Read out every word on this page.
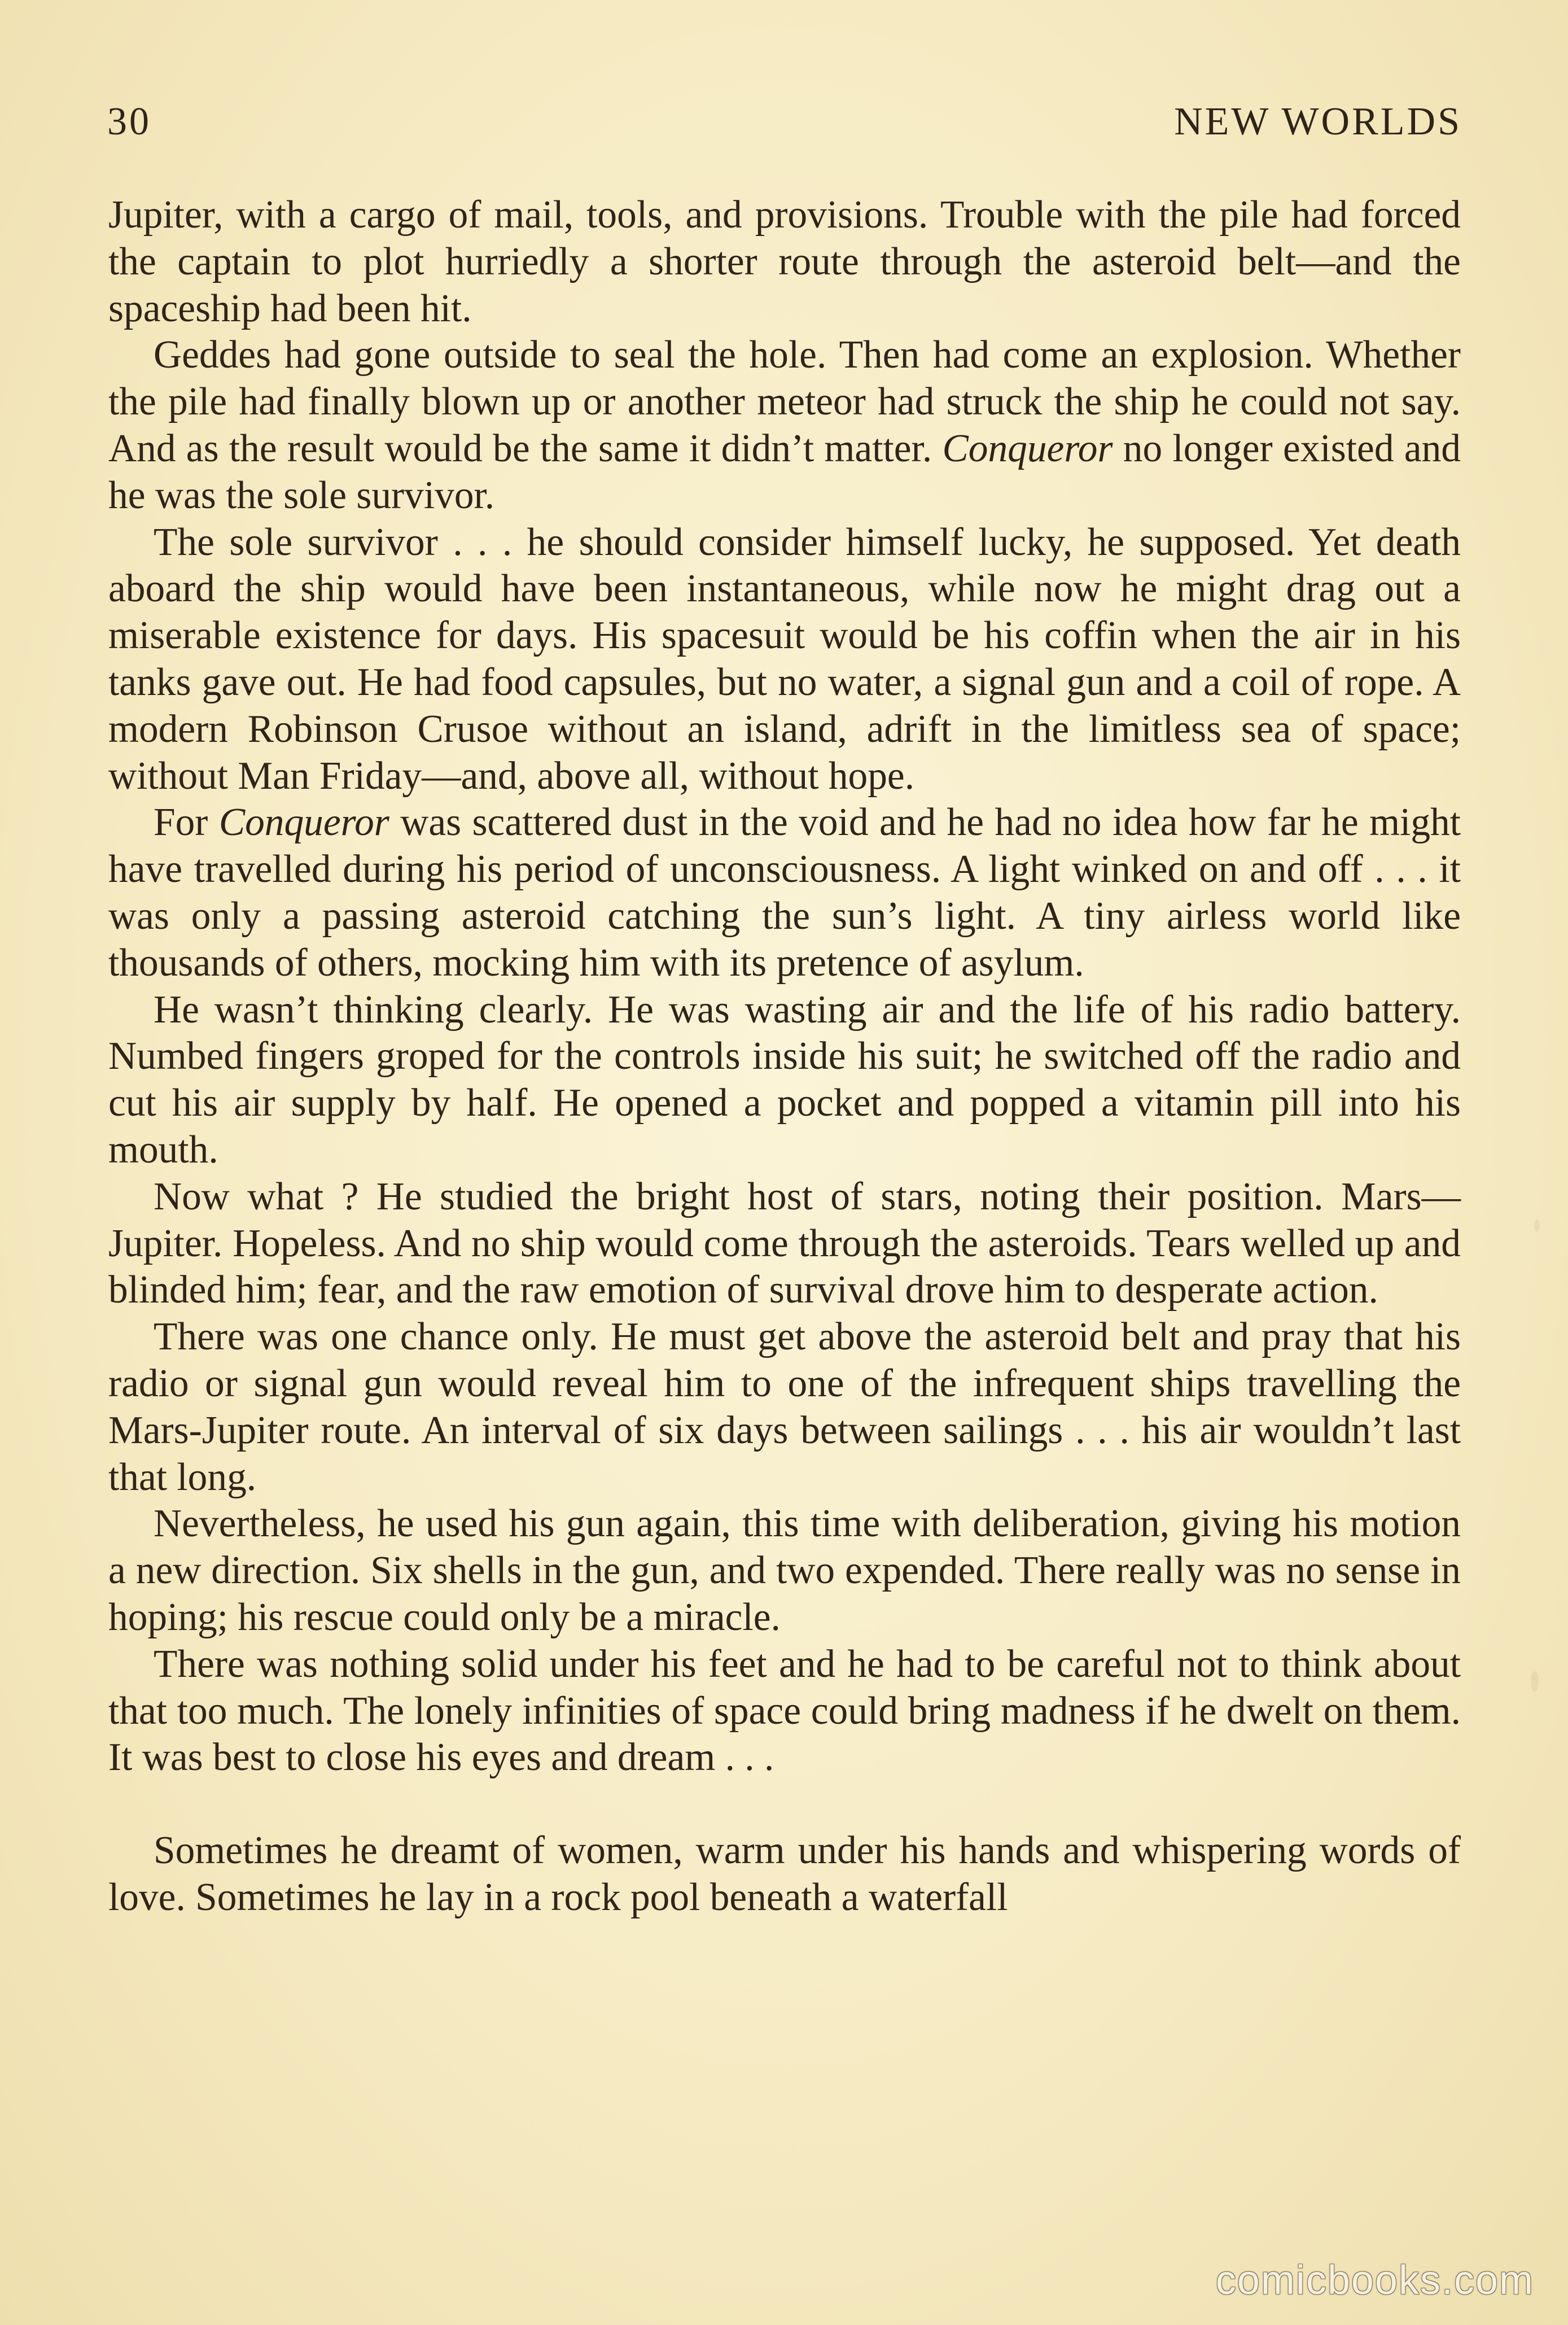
30	NEW WORLDS

Jupiter, with a cargo of mail, tools, and provisions. Trouble with the pile had forced the captain to plot hurriedly a shorter route through the asteroid belt—and the spaceship had been hit.

Geddes had gone outside to seal the hole. Then had come an explosion. Whether the pile had finally blown up or another meteor had struck the ship he could not say. And as the result would be the same it didn’t matter. Conqueror no longer existed and he was the sole survivor.

The sole survivor . . . he should consider himself lucky, he supposed. Yet death aboard the ship would have been instantaneous, while now he might drag out a miserable existence for days. His spacesuit would be his coffin when the air in his tanks gave out. He had food capsules, but no water, a signal gun and a coil of rope. A modern Robinson Crusoe without an island, adrift in the limitless sea of space; without Man Friday—and, above all, without hope.

For Conqueror was scattered dust in the void and he had no idea how far he might have travelled during his period of unconsciousness. A light winked on and off . . . it was only a passing asteroid catching the sun’s light. A tiny airless world like thousands of others, mocking him with its pretence of asylum.

He wasn’t thinking clearly. He was wasting air and the life of his radio battery. Numbed fingers groped for the controls inside his suit; he switched off the radio and cut his air supply by half. He opened a pocket and popped a vitamin pill into his mouth.

Now what ? He studied the bright host of stars, noting their position. Mars—Jupiter. Hopeless. And no ship would come through the asteroids. Tears welled up and blinded him; fear, and the raw emotion of survival drove him to desperate action.

There was one chance only. He must get above the asteroid belt and pray that his radio or signal gun would reveal him to one of the infrequent ships travelling the Mars-Jupiter route. An interval of six days between sailings . . . his air wouldn’t last that long.

Nevertheless, he used his gun again, this time with deliberation, giving his motion a new direction. Six shells in the gun, and two expended. There really was no sense in hoping; his rescue could only be a miracle.

There was nothing solid under his feet and he had to be careful not to think about that too much. The lonely infinities of space could bring madness if he dwelt on them. It was best to close his eyes and dream . . .

Sometimes he dreamt of women, warm under his hands and whispering words of love. Sometimes he lay in a rock pool beneath a waterfall

comicbooks.com
